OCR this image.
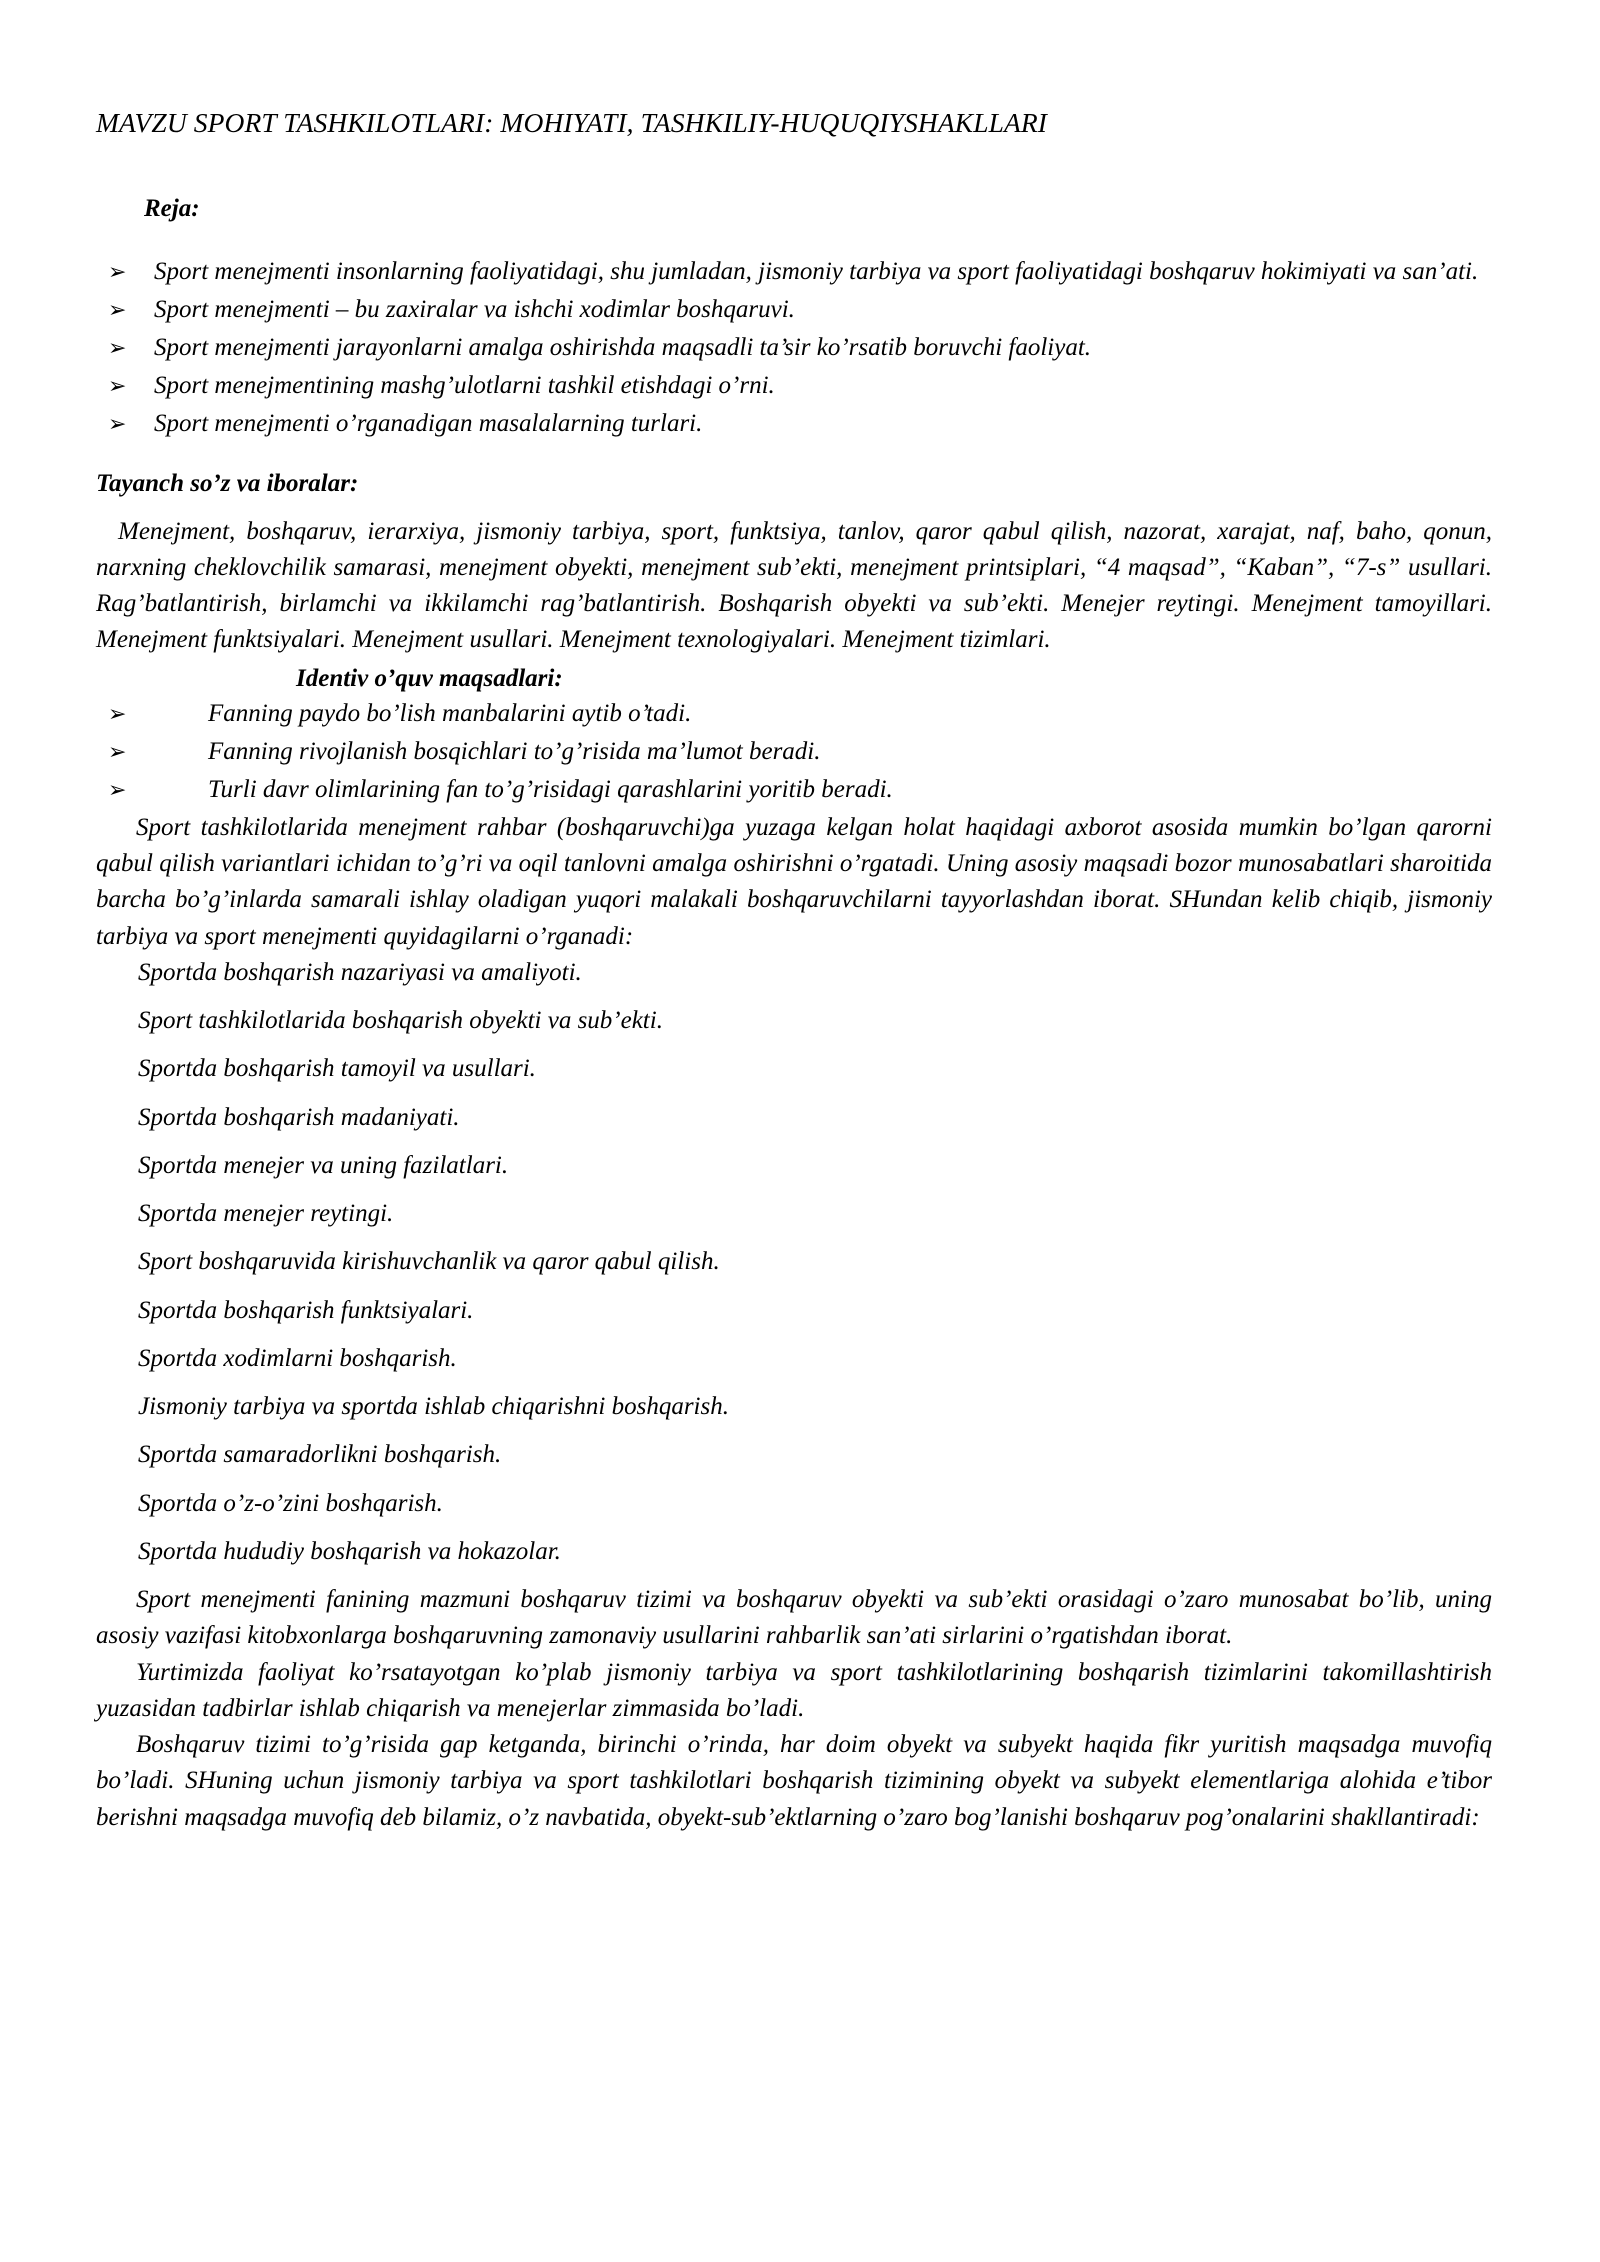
MAVZU SPORT TASHKILOTLARI: MOHIYATI, TASHKILIY-HUQUQIYSHAKLLARI
Reja:
➢ Sport menejmenti insonlarning faoliyatidagi, shu jumladan, jismoniy tarbiya va sport faoliyatidagi boshqaruv hokimiyati va san’ati.
➢ Sport menejmenti – bu zaxiralar va ishchi xodimlar boshqaruvi.
➢ Sport menejmenti jarayonlarni amalga oshirishda maqsadli ta’sir ko’rsatib boruvchi faoliyat.
➢ Sport menejmentining mashg’ulotlarni tashkil etishdagi o’rni.
➢ Sport menejmenti o’rganadigan masalalarning turlari.
Tayanch so’z va iboralar:

Menejment, boshqaruv, ierarxiya, jismoniy tarbiya, sport, funktsiya, tanlov, qaror qabul qilish, nazorat, xarajat, naf, baho, qonun, narxning cheklovchilik samarasi, menejment obyekti, menejment sub’ekti, menejment printsiplari, “4 maqsad”, “Kaban”, “7-s” usullari. Rag’batlantirish, birlamchi va ikkilamchi rag’batlantirish. Boshqarish obyekti va sub’ekti. Menejer reytingi. Menejment tamoyillari. Menejment funktsiyalari. Menejment usullari. Menejment texnologiyalari. Menejment tizimlari.

Identiv o’quv maqsadlari:
➢	Fanning paydo bo’lish manbalarini aytib o’tadi.
➢	Fanning rivojlanish bosqichlari to’g’risida ma’lumot beradi.
➢	Turli davr olimlarining fan to’g’risidagi qarashlarini yoritib beradi.

Sport tashkilotlarida menejment rahbar (boshqaruvchi)ga yuzaga kelgan holat haqidagi axborot asosida mumkin bo’lgan qarorni qabul qilish variantlari ichidan to’g’ri va oqil tanlovni amalga oshirishni o’rgatadi. Uning asosiy maqsadi bozor munosabatlari sharoitida barcha bo’g’inlarda samarali ishlay oladigan yuqori malakali boshqaruvchilarni tayyorlashdan iborat. SHundan kelib chiqib, jismoniy tarbiya va sport menejmenti quyidagilarni o’rganadi:

Sportda boshqarish nazariyasi va amaliyoti.
Sport tashkilotlarida boshqarish obyekti va sub’ekti.
Sportda boshqarish tamoyil va usullari.
Sportda boshqarish madaniyati.
Sportda menejer va uning fazilatlari.
Sportda menejer reytingi.
Sport boshqaruvida kirishuvchanlik va qaror qabul qilish.
Sportda boshqarish funktsiyalari.
Sportda xodimlarni boshqarish.
Jismoniy tarbiya va sportda ishlab chiqarishni boshqarish.
Sportda samaradorlikni boshqarish.
Sportda o’z-o’zini boshqarish.
Sportda hududiy boshqarish va hokazolar.

Sport menejmenti fanining mazmuni boshqaruv tizimi va boshqaruv obyekti va sub’ekti orasidagi o’zaro munosabat bo’lib, uning asosiy vazifasi kitobxonlarga boshqaruvning zamonaviy usullarini rahbarlik san’ati sirlarini o’rgatishdan iborat.

Yurtimizda faoliyat ko’rsatayotgan ko’plab jismoniy tarbiya va sport tashkilotlarining boshqarish tizimlarini takomillashtirish yuzasidan tadbirlar ishlab chiqarish va menejerlar zimmasida bo’ladi.

Boshqaruv tizimi to’g’risida gap ketganda, birinchi o’rinda, har doim obyekt va subyekt haqida fikr yuritish maqsadga muvofiq bo’ladi. SHuning uchun jismoniy tarbiya va sport tashkilotlari boshqarish tizimining obyekt va subyekt elementlariga alohida e’tibor berishni maqsadga muvofiq deb bilamiz, o’z navbatida, obyekt-sub’ektlarning o’zaro bog’lanishi boshqaruv pog’onalarini shakllantiradi:
